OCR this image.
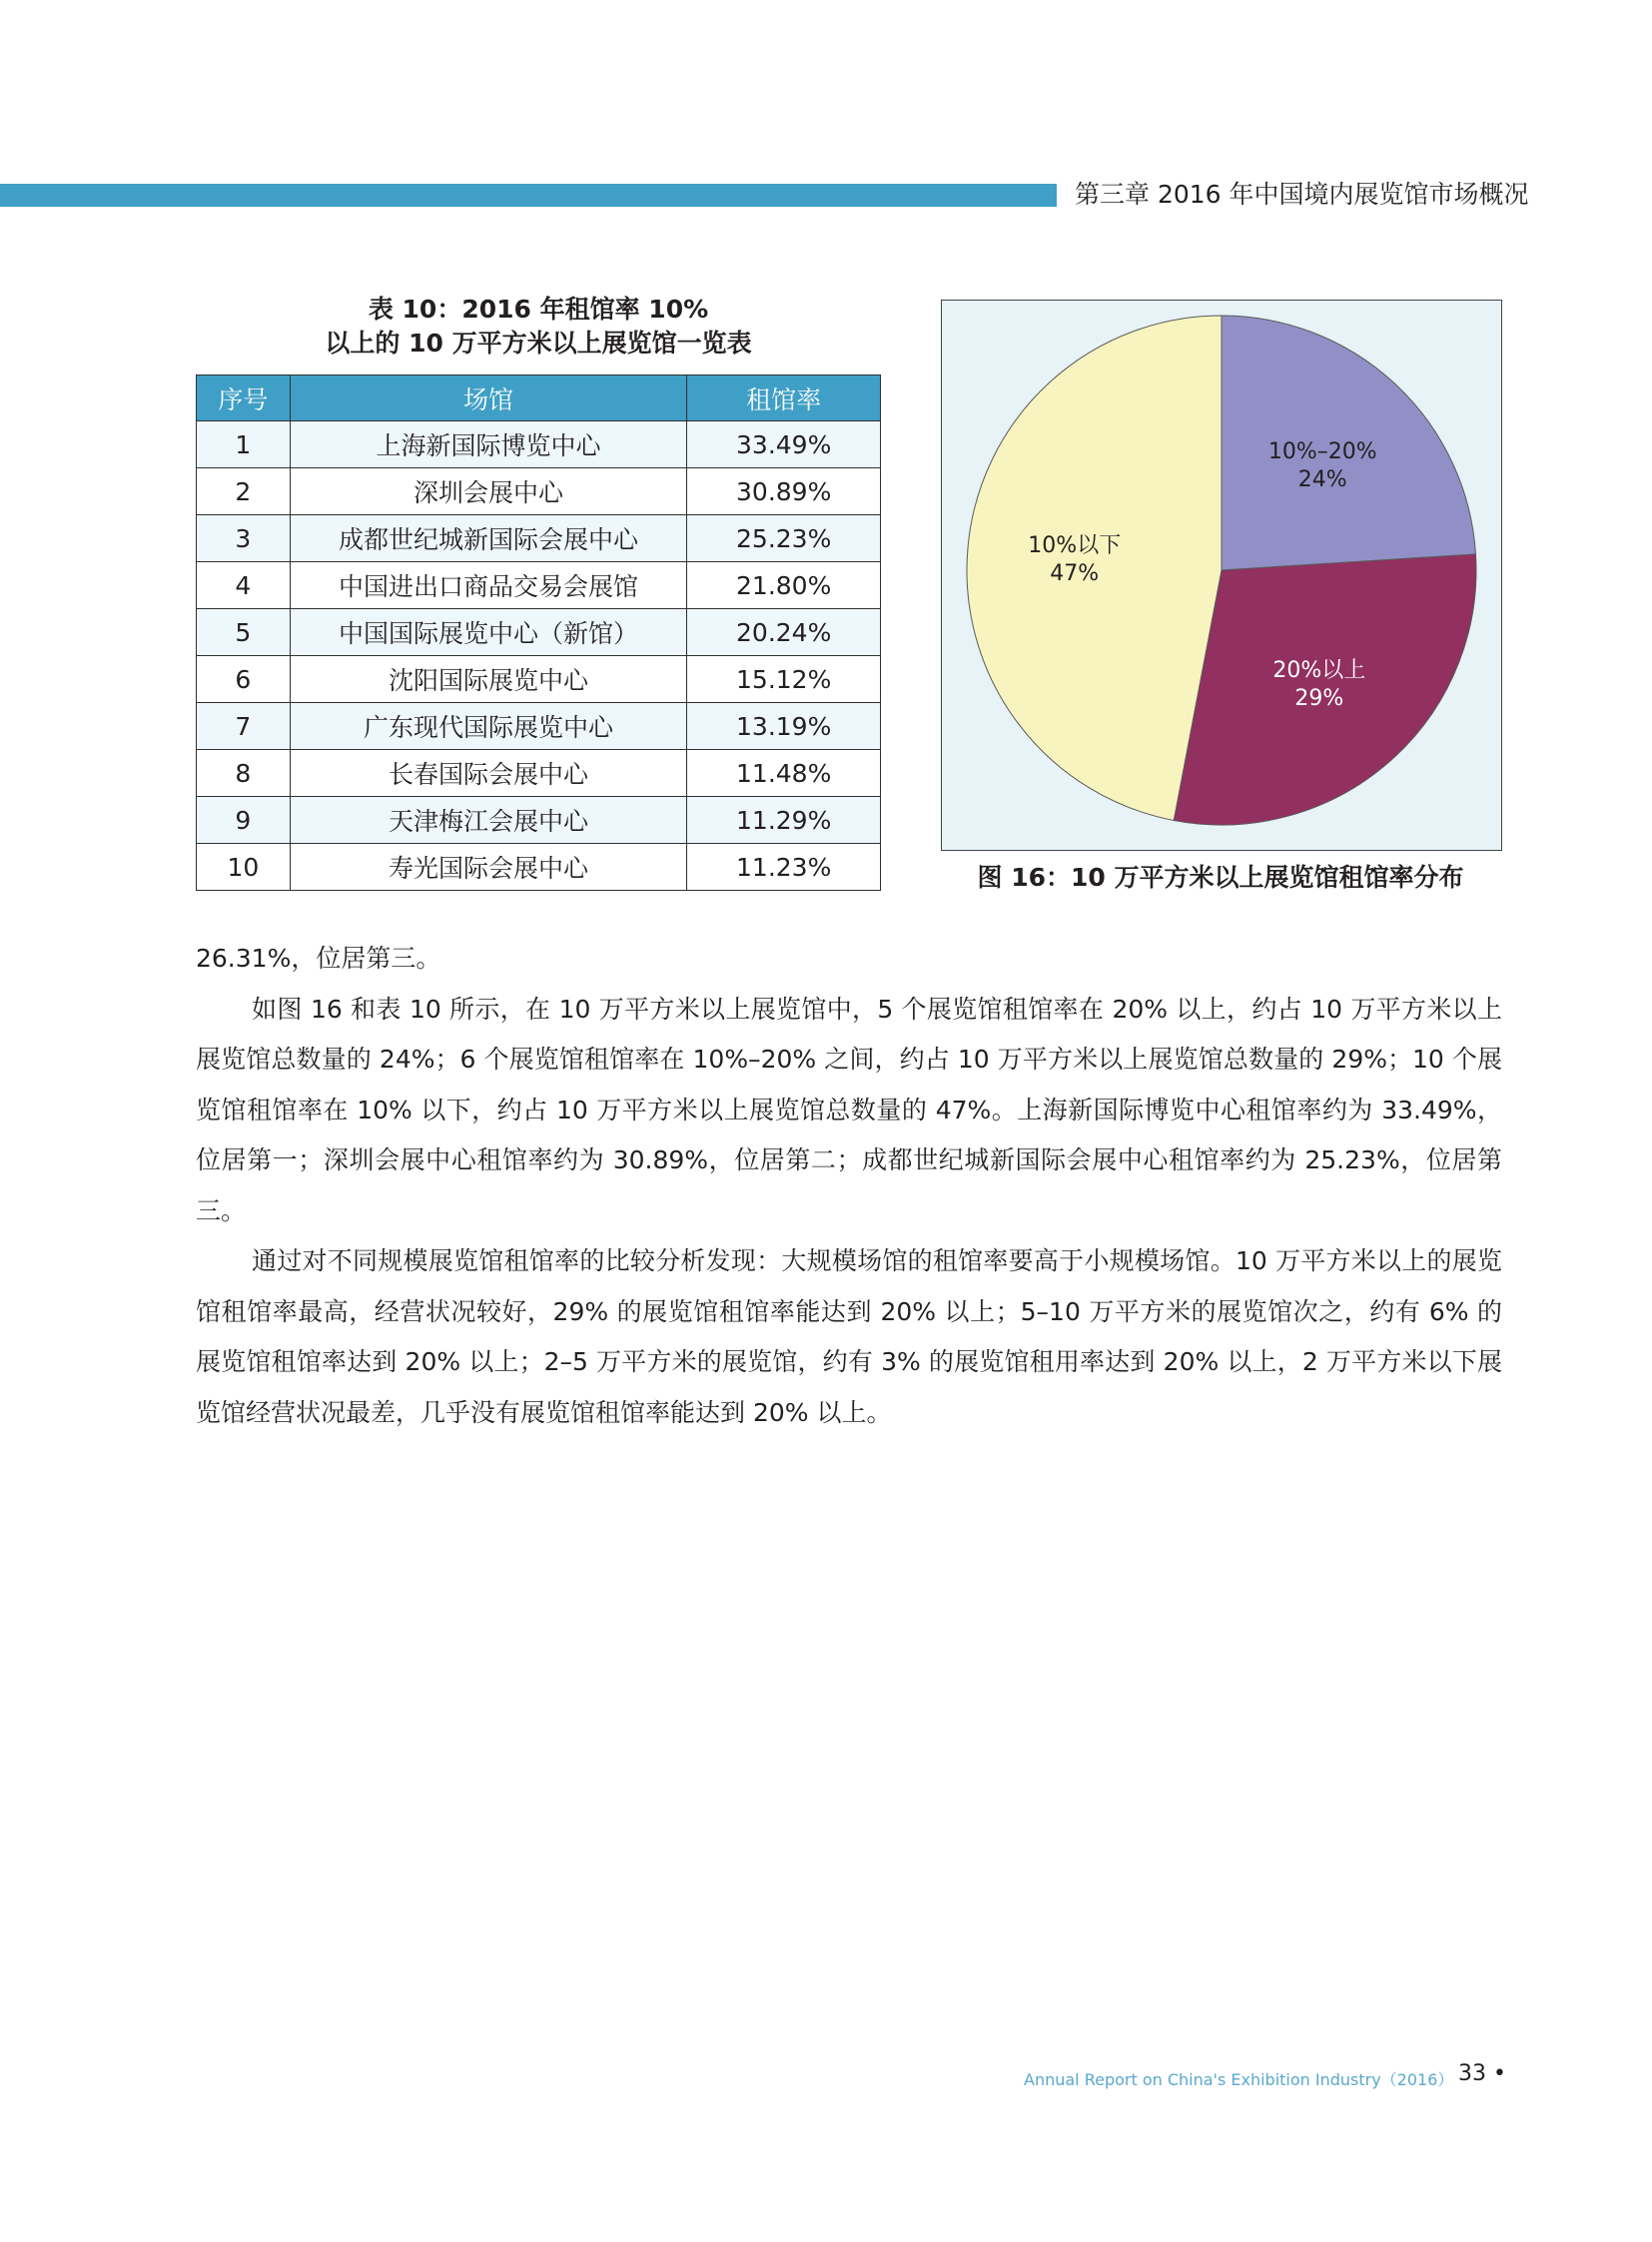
第三章 2016 年中国境内展览馆市场概况
表 10：2016 年租馆率 10%
以上的 10 万平方米以上展览馆一览表
序号	场馆	租馆率
1	上海新国际博览中心	33.49%
2	深圳会展中心	30.89%
3	成都世纪城新国际会展中心	25.23%
4	中国进出口商品交易会展馆	21.80%
5	中国国际展览中心（新馆）	20.24%
6	沈阳国际展览中心	15.12%
7	广东现代国际展览中心	13.19%
8	长春国际会展中心	11.48%
9	天津梅江会展中心	11.29%
10	寿光国际会展中心	11.23%
10%–20%
24%
20%以上
29%
10%以下
47%
图 16：10 万平方米以上展览馆租馆率分布

26.31%，位居第三。

如图 16 和表 10 所示，在 10 万平方米以上展览馆中，5 个展览馆租馆率在 20% 以上，约占 10 万平方米以上展览馆总数量的 24%；6 个展览馆租馆率在 10%–20% 之间，约占 10 万平方米以上展览馆总数量的 29%；10 个展览馆租馆率在 10% 以下，约占 10 万平方米以上展览馆总数量的 47%。上海新国际博览中心租馆率约为 33.49%，位居第一；深圳会展中心租馆率约为 30.89%，位居第二；成都世纪城新国际会展中心租馆率约为 25.23%，位居第三。

通过对不同规模展览馆租馆率的比较分析发现：大规模场馆的租馆率要高于小规模场馆。10 万平方米以上的展览馆租馆率最高，经营状况较好，29% 的展览馆租馆率能达到 20% 以上；5–10 万平方米的展览馆次之，约有 6% 的展览馆租馆率达到 20% 以上；2–5 万平方米的展览馆，约有 3% 的展览馆租用率达到 20% 以上，2 万平方米以下展览馆经营状况最差，几乎没有展览馆租馆率能达到 20% 以上。

Annual Report on China's Exhibition Industry（2016） 33 •
